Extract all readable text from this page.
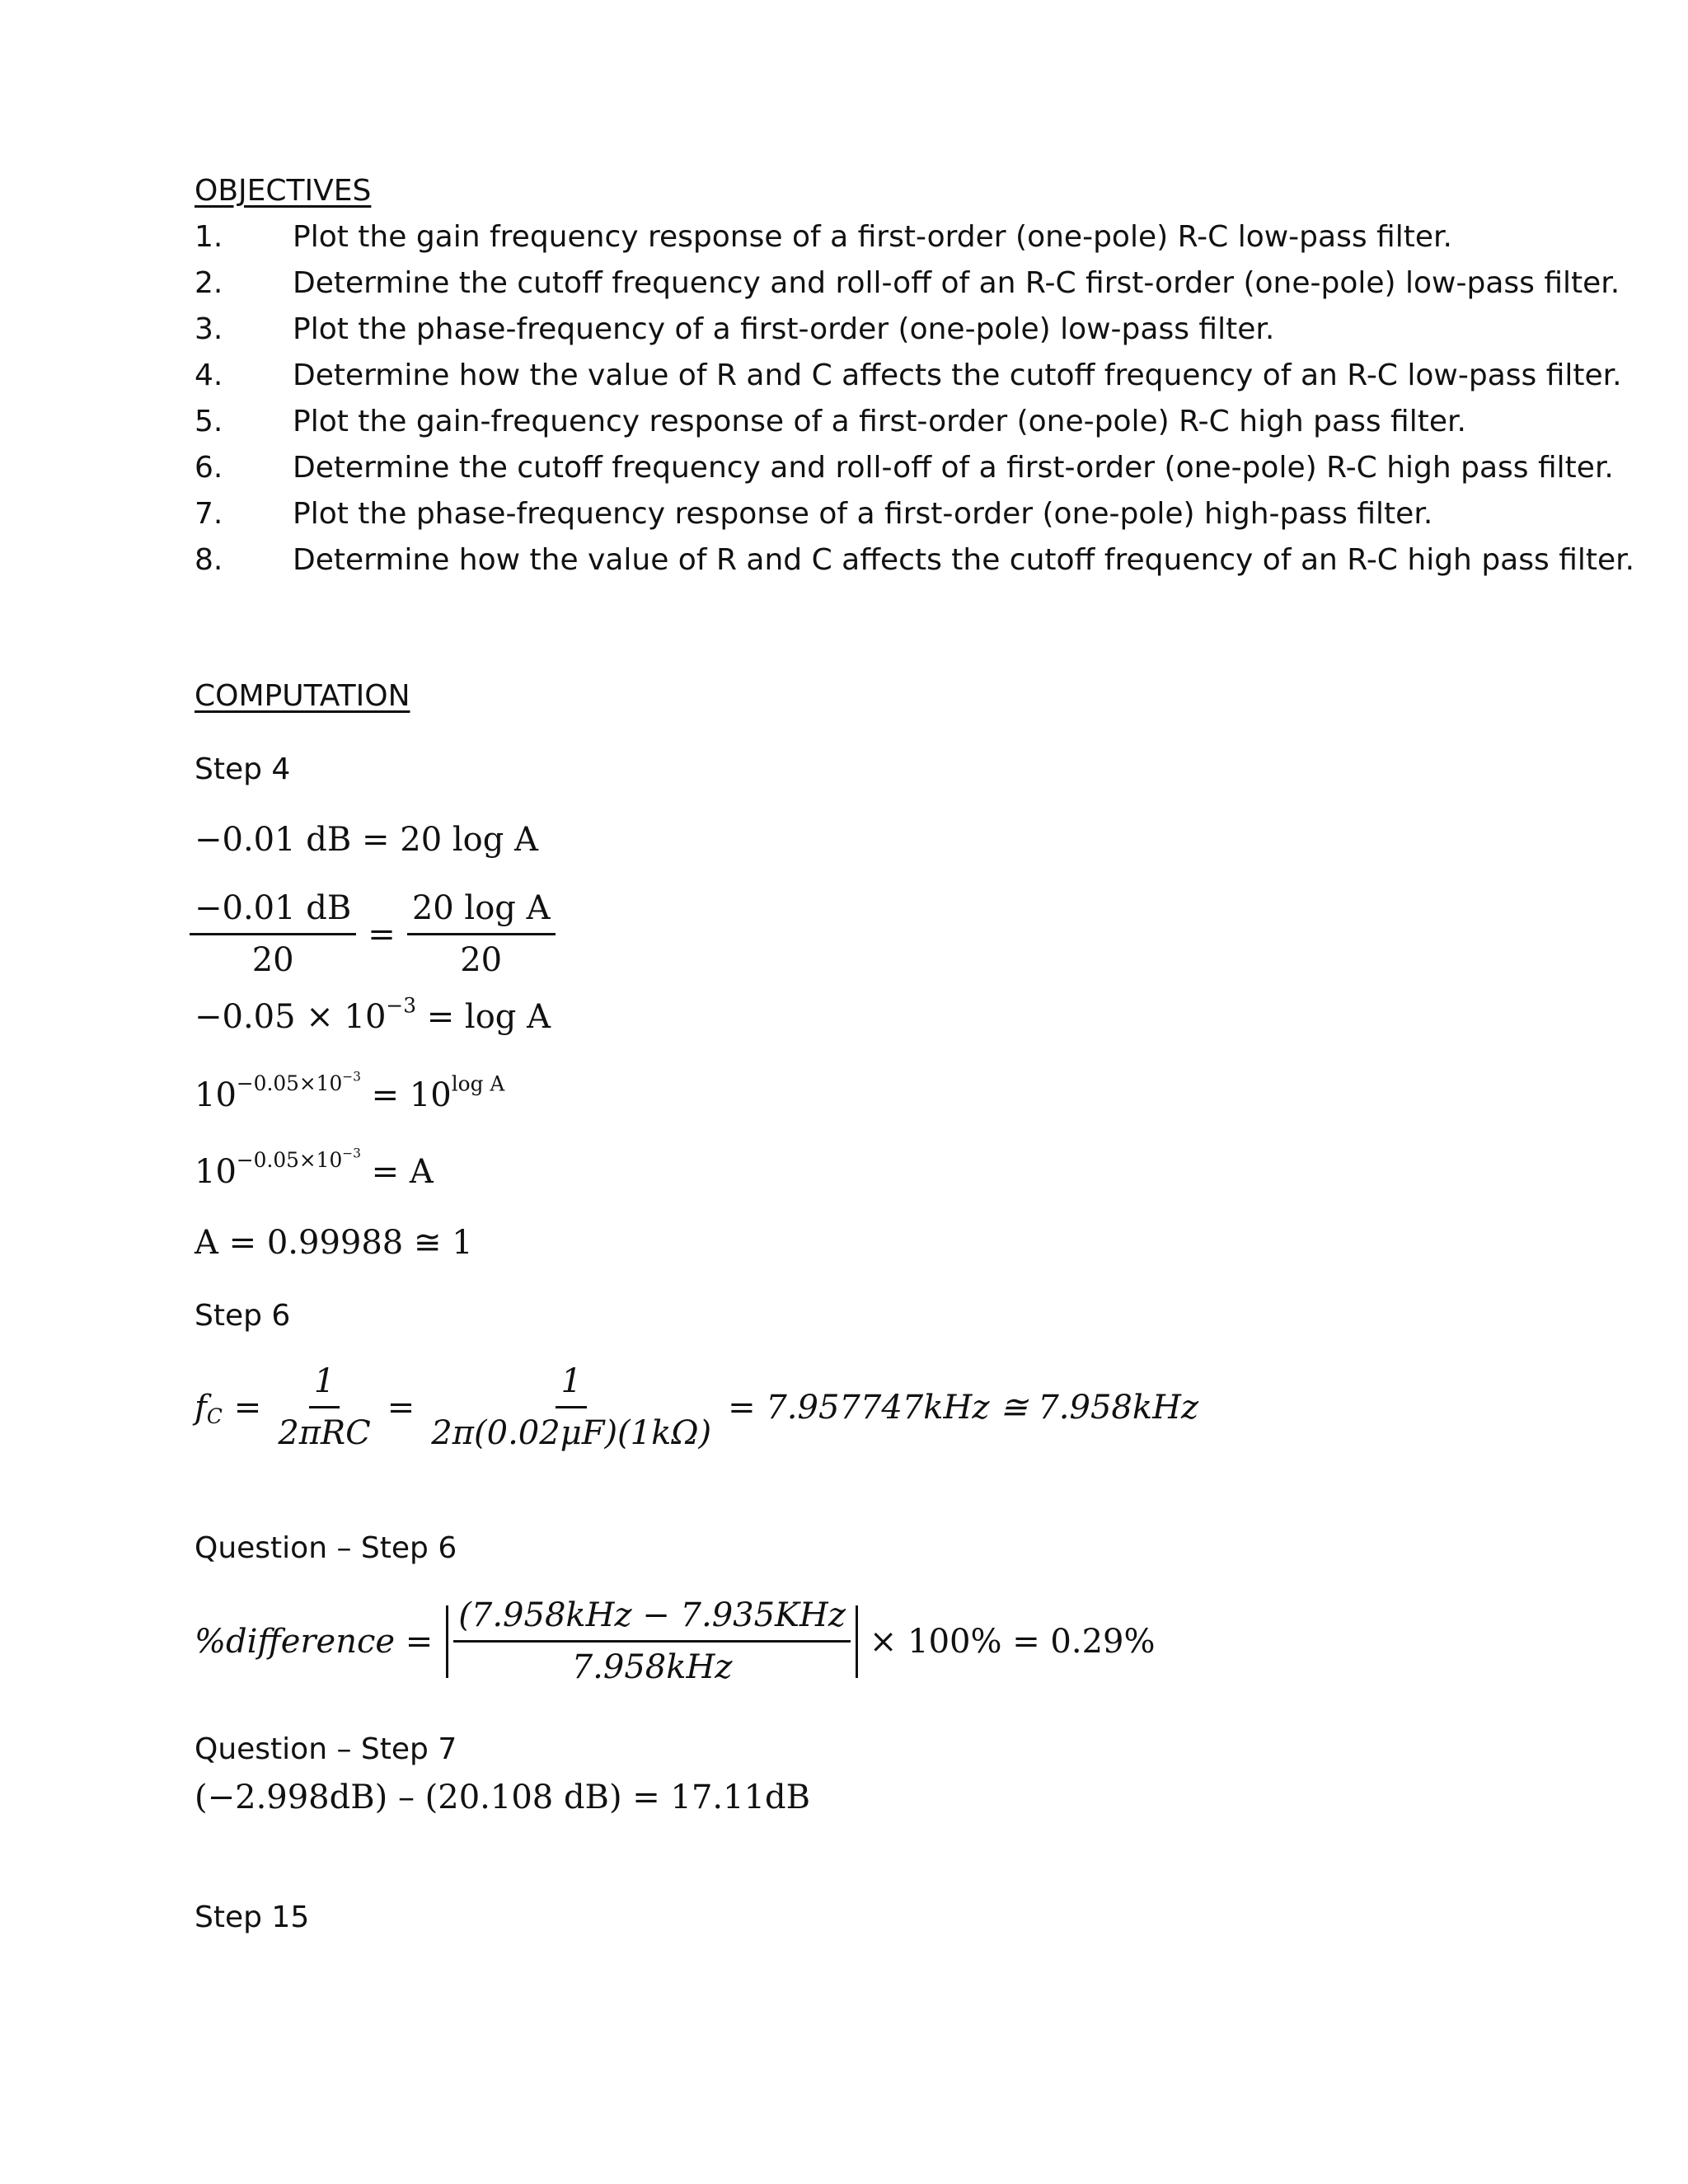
OBJECTIVES
1. Plot the gain frequency response of a first-order (one-pole) R-C low-pass filter.
2. Determine the cutoff frequency and roll-off of an R-C first-order (one-pole) low-pass filter.
3. Plot the phase-frequency of a first-order (one-pole) low-pass filter.
4. Determine how the value of R and C affects the cutoff frequency of an R-C low-pass filter.
5. Plot the gain-frequency response of a first-order (one-pole) R-C high pass filter.
6. Determine the cutoff frequency and roll-off of a first-order (one-pole) R-C high pass filter.
7. Plot the phase-frequency response of a first-order (one-pole) high-pass filter.
8. Determine how the value of R and C affects the cutoff frequency of an R-C high pass filter.
COMPUTATION
Step 4
−0.01 dB = 20 log A
$\frac{-0.01 dB}{20} = \frac{\text{20 log A}}{20}$
$-0.05 \times 10^{-3} = \log A$
$10^{-0.05\times 10^{-3}} = 10^{log A}$
$10^{-0.05\times 10^{-3}} = A$
A = 0.99988 ≅ 1
Step 6
$f_C = \frac{1}{\text{2πRC}} = \frac{1}{2\pi(0.02\mu F)(1k\Omega)} = 7.957747kHz$ ≅ 7.958kHz
Question – Step 6
%difference = $\frac{\text{(7.958kHz − 7.935KHz}}{\text{7.958kHz}} \times 100\% = 0.29\%$
Question – Step 7
(−2.998dB) – (20.108 dB) = 17.11dB
Step 15
